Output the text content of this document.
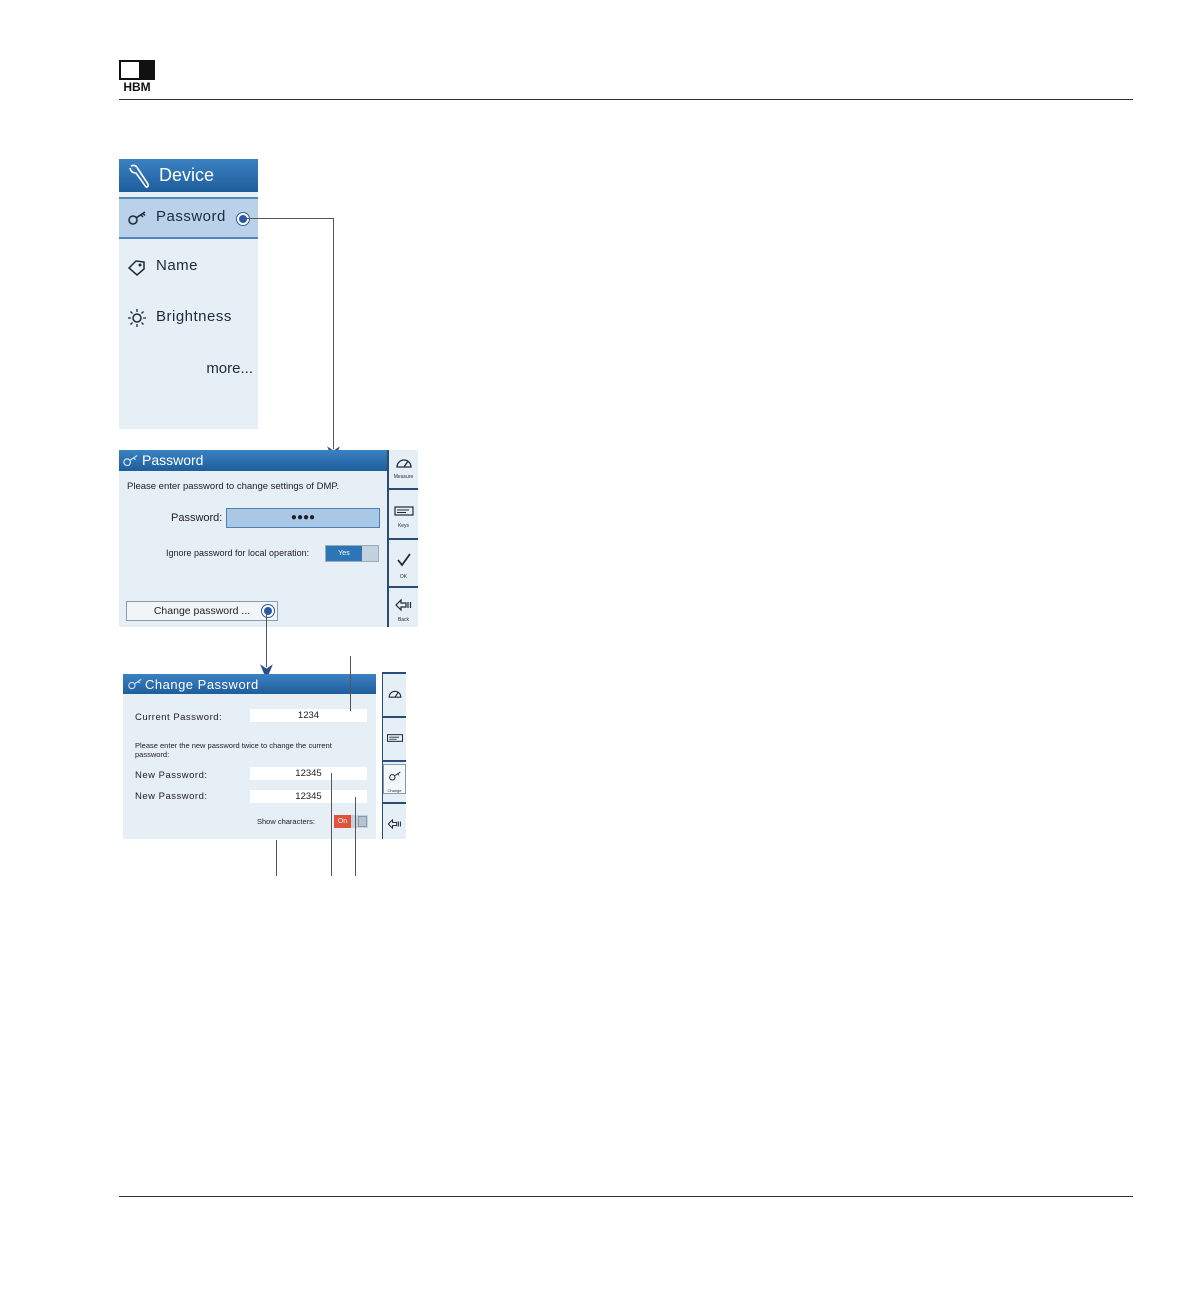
HBM
Device
Password
Name
Brightness
more...
Password
Please enter password to change settings of DMP.
Password:	●●●●
Ignore password for local operation:	Yes
Change password ...
Measure
Keys
OK
Back
Change Password
Current Password:	1234
Please enter the new password twice to change the current password:
New Password:	12345
New Password:	12345
Show characters:	On
Change
